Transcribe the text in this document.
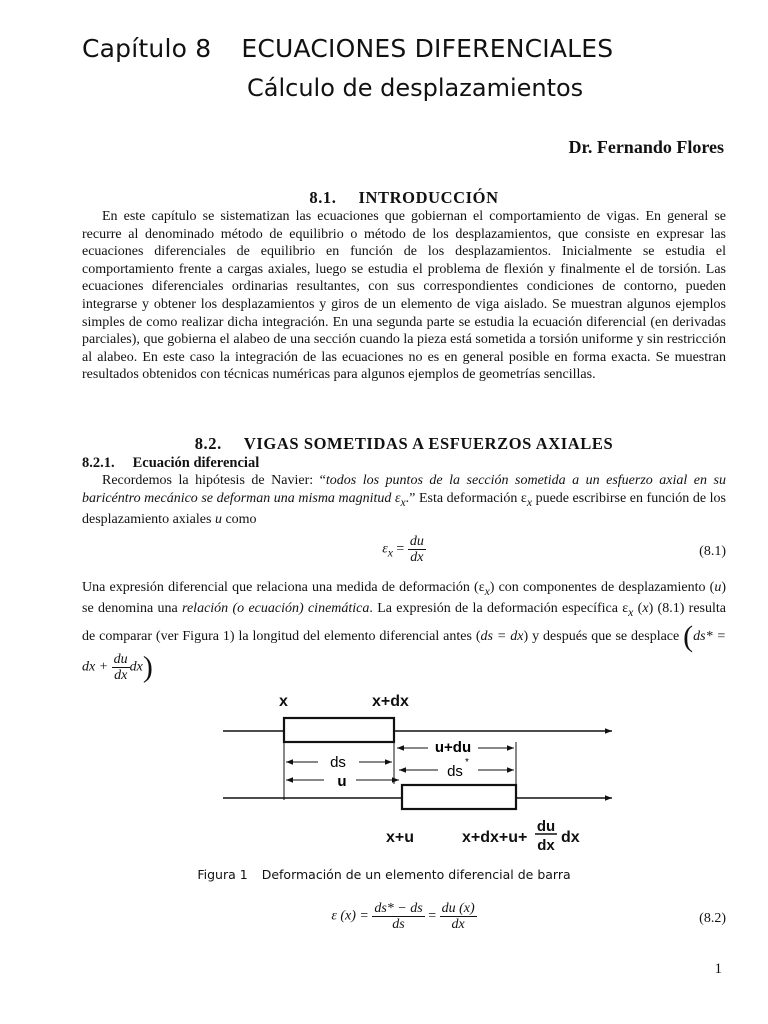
Capítulo 8 ECUACIONES DIFERENCIALES
Cálculo de desplazamientos
Dr. Fernando Flores
8.1. INTRODUCCIÓN
En este capítulo se sistematizan las ecuaciones que gobiernan el comportamiento de vigas. En general se recurre al denominado método de equilibrio o método de los desplazamientos, que consiste en expresar las ecuaciones diferenciales de equilibrio en función de los desplazamientos. Inicialmente se estudia el comportamiento frente a cargas axiales, luego se estudia el problema de flexión y finalmente el de torsión. Las ecuaciones diferenciales ordinarias resultantes, con sus correspondientes condiciones de contorno, pueden integrarse y obtener los desplazamientos y giros de un elemento de viga aislado. Se muestran algunos ejemplos simples de como realizar dicha integración. En una segunda parte se estudia la ecuación diferencial (en derivadas parciales), que gobierna el alabeo de una sección cuando la pieza está sometida a torsión uniforme y sin restricción al alabeo. En este caso la integración de las ecuaciones no es en general posible en forma exacta. Se muestran resultados obtenidos con técnicas numéricas para algunos ejemplos de geometrías sencillas.
8.2. VIGAS SOMETIDAS A ESFUERZOS AXIALES
8.2.1. Ecuación diferencial
Recordemos la hipótesis de Navier: “todos los puntos de la sección sometida a un esfuerzo axial en su baricéntro mecánico se deforman una misma magnitud $\varepsilon_x$.” Esta deformación $\varepsilon_x$ puede escribirse en función de los desplazamiento axiales u como
$\varepsilon_x = \frac{du}{dx}$	(8.1)
Una expresión diferencial que relaciona una medida de deformación $(\varepsilon_x)$ con componentes de desplazamiento (u) se denomina una relación (o ecuación) cinemática. La expresión de la deformación específica $\varepsilon_x$ (x) (8.1) resulta de comparar (ver Figura 1) la longitud del elemento diferencial antes (ds = dx) y después que se desplace (ds* = dx + $\frac{du}{dx} dx$)
x	x+dx
u+du
ds
ds
*
u
x+u	x+dx+u+
du
dx dx
Figura 1 Deformación de un elemento diferencial de barra
ε $(x) = \frac{ds* - ds}{ds} = \frac{du (x)}{dx}$	(8.2)
1
